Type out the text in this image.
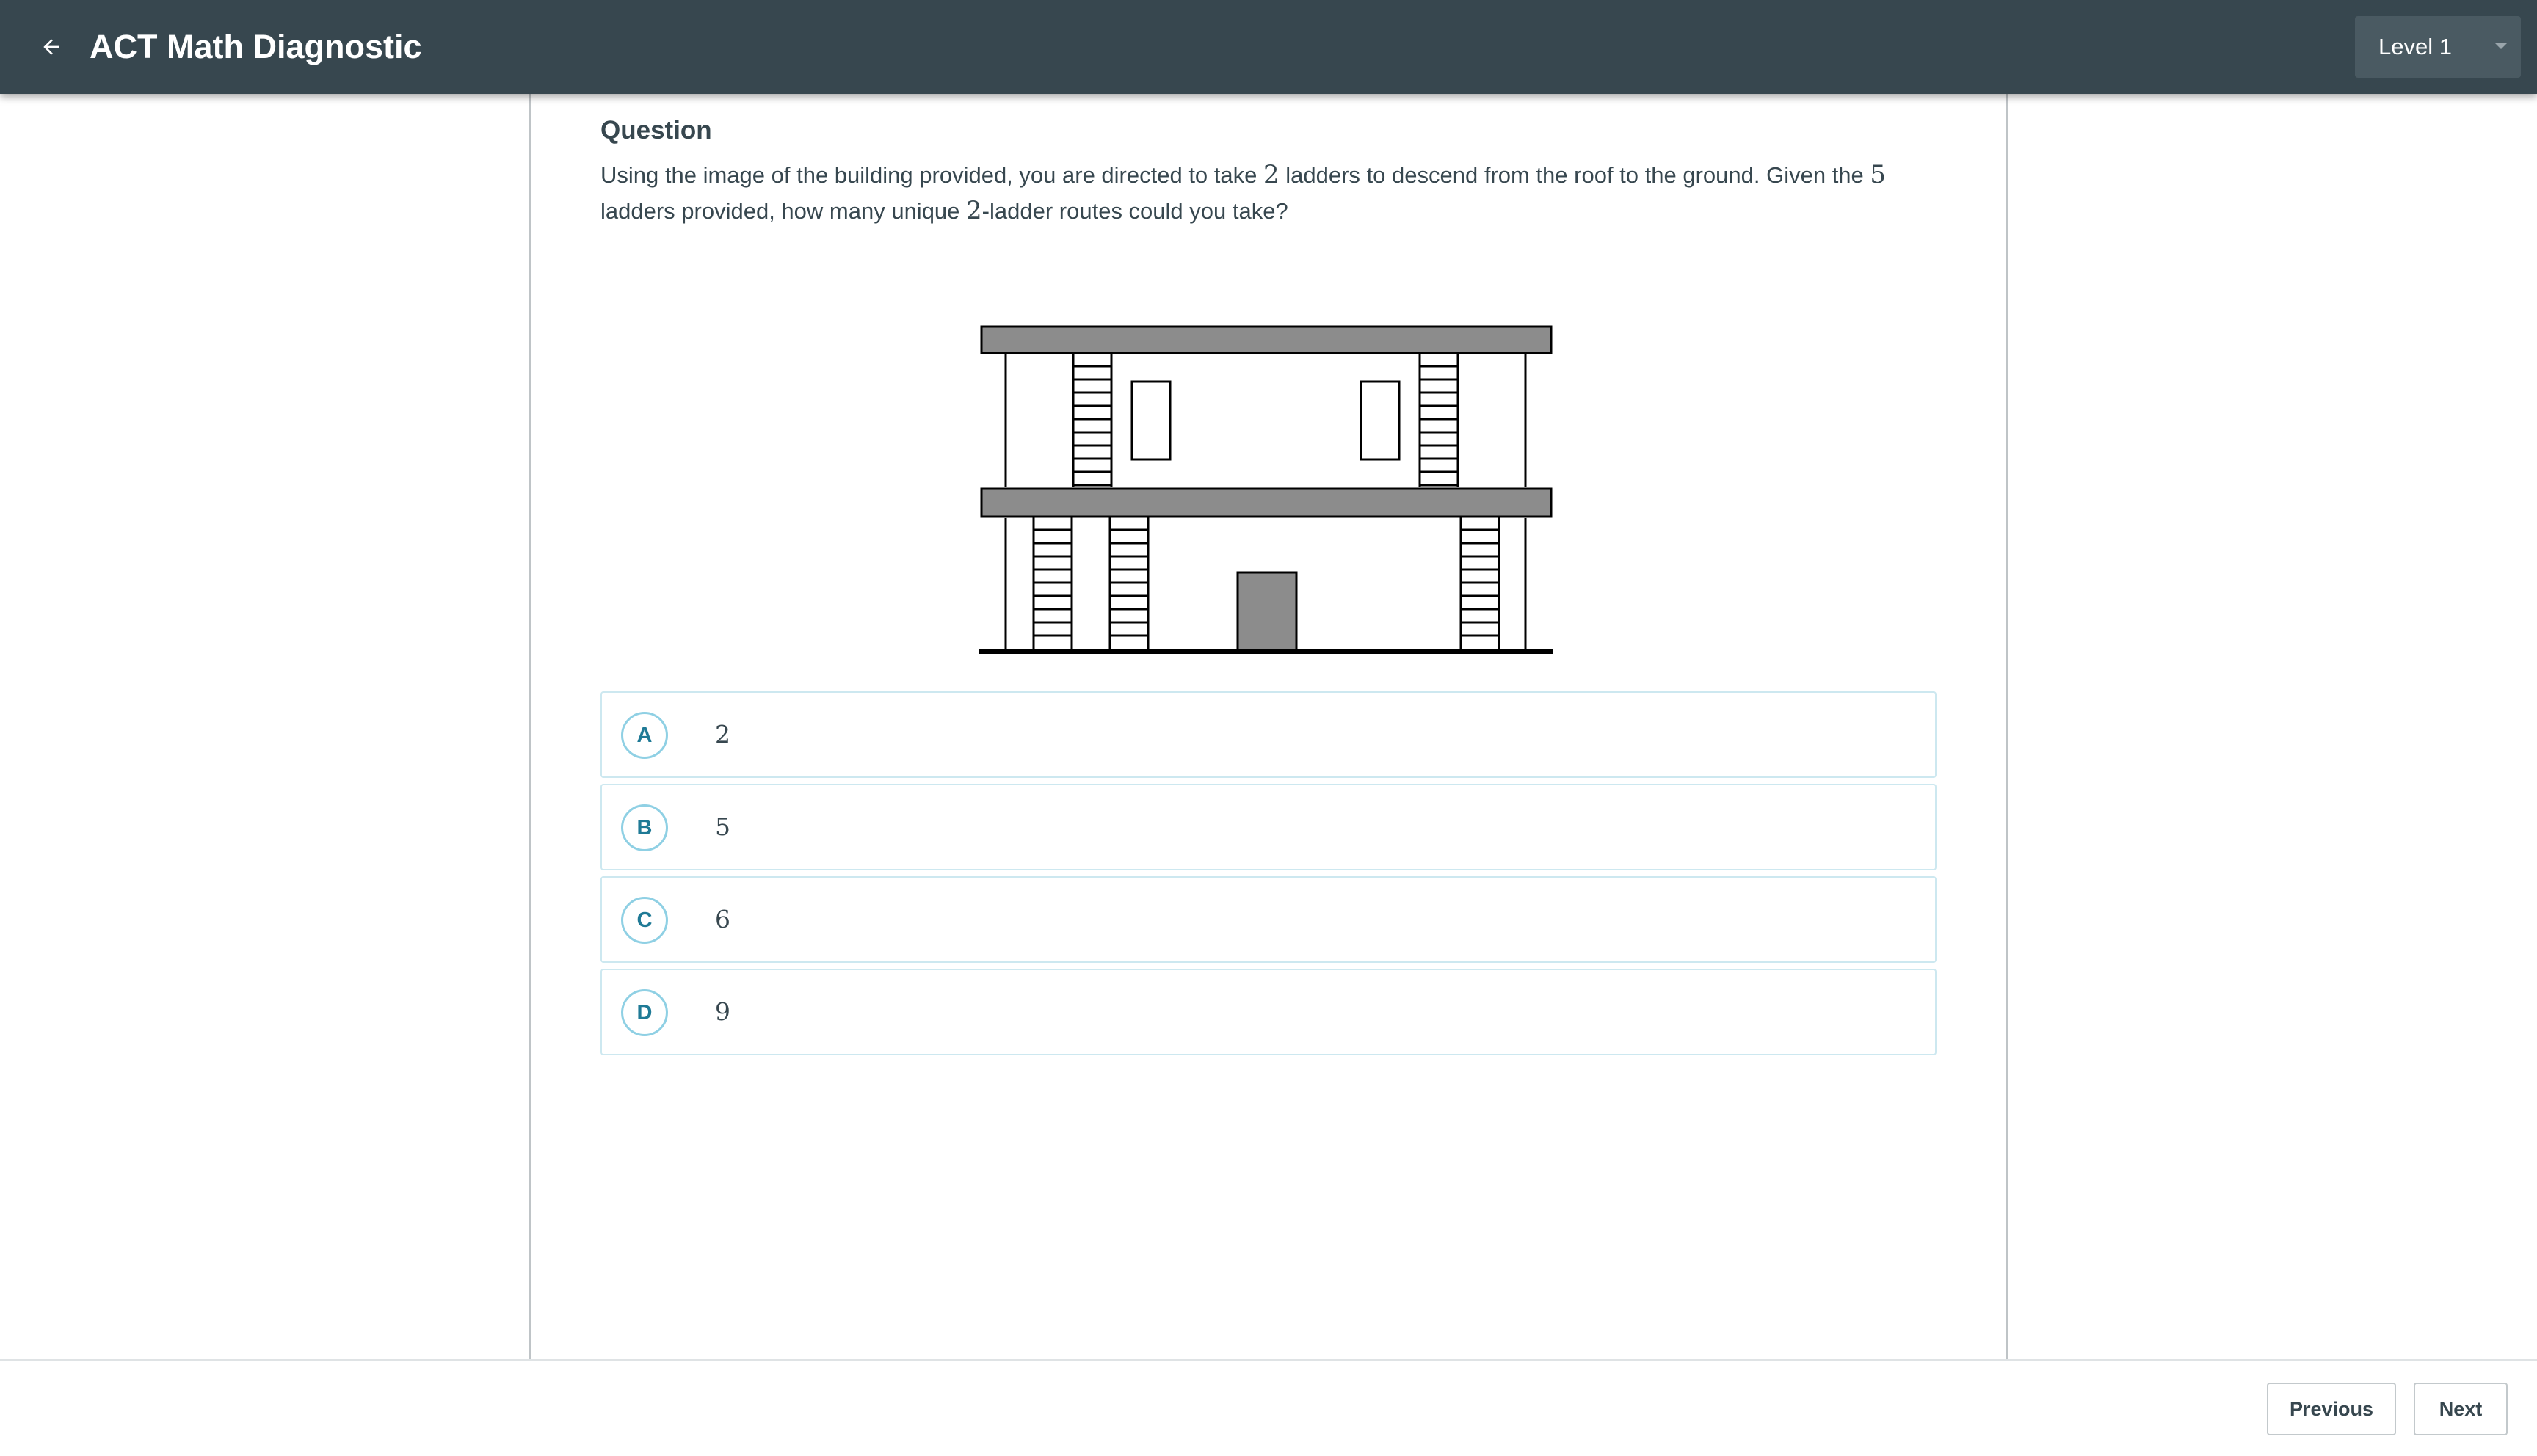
ACT Math Diagnostic	Level 1
Question
Using the image of the building provided, you are directed to take 2 ladders to descend from the roof to the ground. Given the 5 ladders provided, how many unique 2-ladder routes could you take?
A	2
B	5
C	6
D	9
Previous	Next
